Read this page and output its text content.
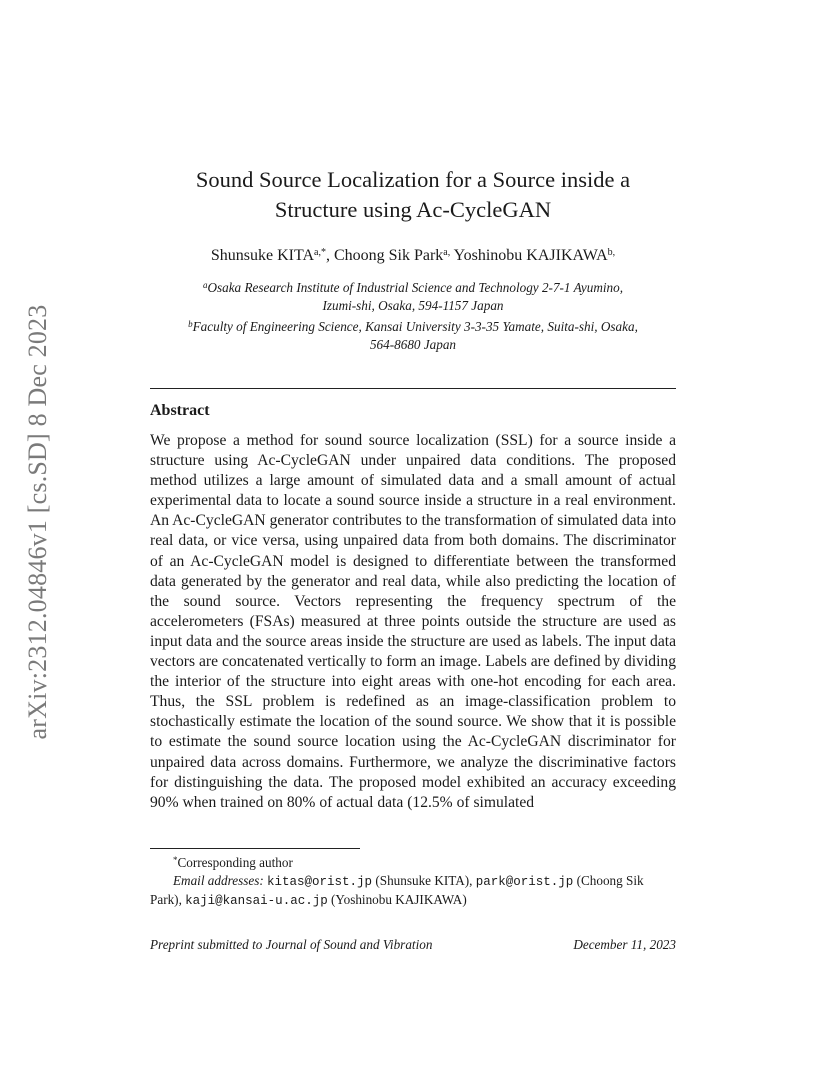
arXiv:2312.04846v1 [cs.SD] 8 Dec 2023
Sound Source Localization for a Source inside a
Structure using Ac-CycleGAN
Shunsuke $KITA^{a,*}$, Choong Sik Park$^{a,}$ Yoshinobu $KAJIKAWA^{b,}$
$^a$Osaka Research Institute of Industrial Science and Technology 2-7-1 Ayumino,
Izumi-shi, Osaka, 594-1157 Japan
$^b$Faculty of Engineering Science, Kansai University 3-3-35 Yamate, Suita-shi, Osaka,
564-8680 Japan
Abstract
We propose a method for sound source localization (SSL) for a source inside a structure using Ac-CycleGAN under unpaired data conditions. The proposed method utilizes a large amount of simulated data and a small amount of actual experimental data to locate a sound source inside a structure in a real environment. An Ac-CycleGAN generator contributes to the transformation of simulated data into real data, or vice versa, using unpaired data from both domains. The discriminator of an Ac-CycleGAN model is designed to differentiate between the transformed data generated by the generator and real data, while also predicting the location of the sound source. Vectors representing the frequency spectrum of the accelerometers (FSAs) measured at three points outside the structure are used as input data and the source areas inside the structure are used as labels. The input data vectors are concatenated vertically to form an image. Labels are defined by dividing the interior of the structure into eight areas with one-hot encoding for each area. Thus, the SSL problem is redefined as an image-classification problem to stochastically estimate the location of the sound source. We show that it is possible to estimate the sound source location using the Ac-CycleGAN discriminator for unpaired data across domains. Furthermore, we analyze the discriminative factors for distinguishing the data. The proposed model exhibited an accuracy exceeding 90% when trained on 80% of actual data (12.5% of simulated
*Corresponding author
Email addresses: kitas@orist.jp (Shunsuke KITA), park@orist.jp (Choong Sik
Park), kaji@kansai-u.ac.jp (Yoshinobu KAJIKAWA)
Preprint submitted to Journal of Sound and Vibration	December 11, 2023
